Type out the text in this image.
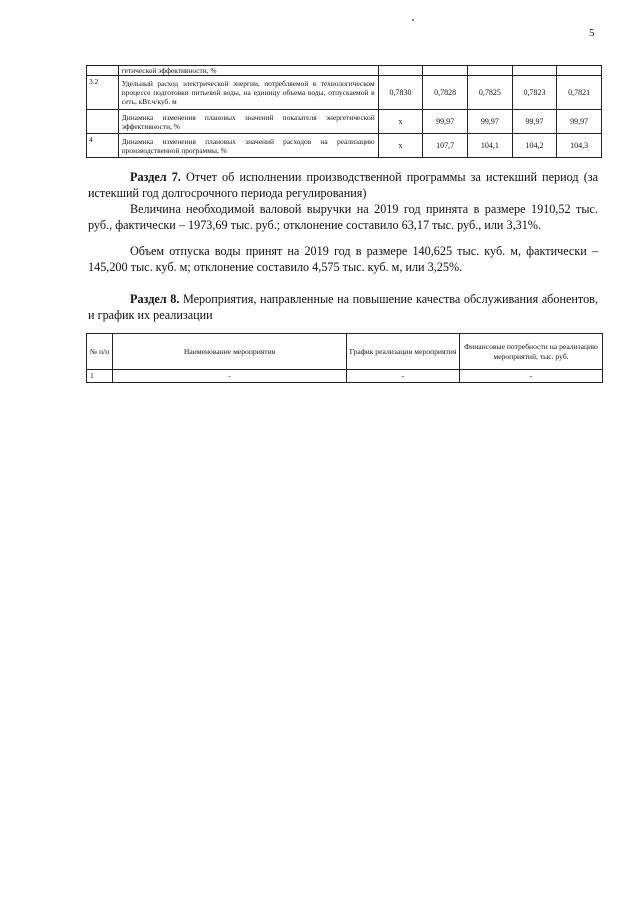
5
	гетической эффективности, %					
3.2	Удельный расход электрической энергии, потребляемой в технологическом процессе подготовки питьевой воды, на единицу объема воды, отпускаемой в сеть, кВт.ч/куб. м	0,7830	0,7828	0,7825	0,7823	0,7821
	Динамика изменения плановых значений показателя энергетической эффективности, %	х	99,97	99,97	99,97	99,97
4	Динамика изменения плановых значений расходов на реализацию производственной программы, %	х	107,7	104,1	104,2	104,3
Раздел 7. Отчет об исполнении производственной программы за истекший период (за истекший год долгосрочного периода регулирования)
Величина необходимой валовой выручки на 2019 год принята в размере 1910,52 тыс. руб., фактически – 1973,69 тыс. руб.; отклонение составило 63,17 тыс. руб., или 3,31%.
Объем отпуска воды принят на 2019 год в размере 140,625 тыс. куб. м, фактически – 145,200 тыс. куб. м; отклонение составило 4,575 тыс. куб. м, или 3,25%.
Раздел 8. Мероприятия, направленные на повышение качества обслуживания абонентов, и график их реализации
№ п/п	Наименование мероприятия	График реализации мероприятия	Финансовые потребности на реализацию мероприятий, тыс. руб.
1	-	-	-
